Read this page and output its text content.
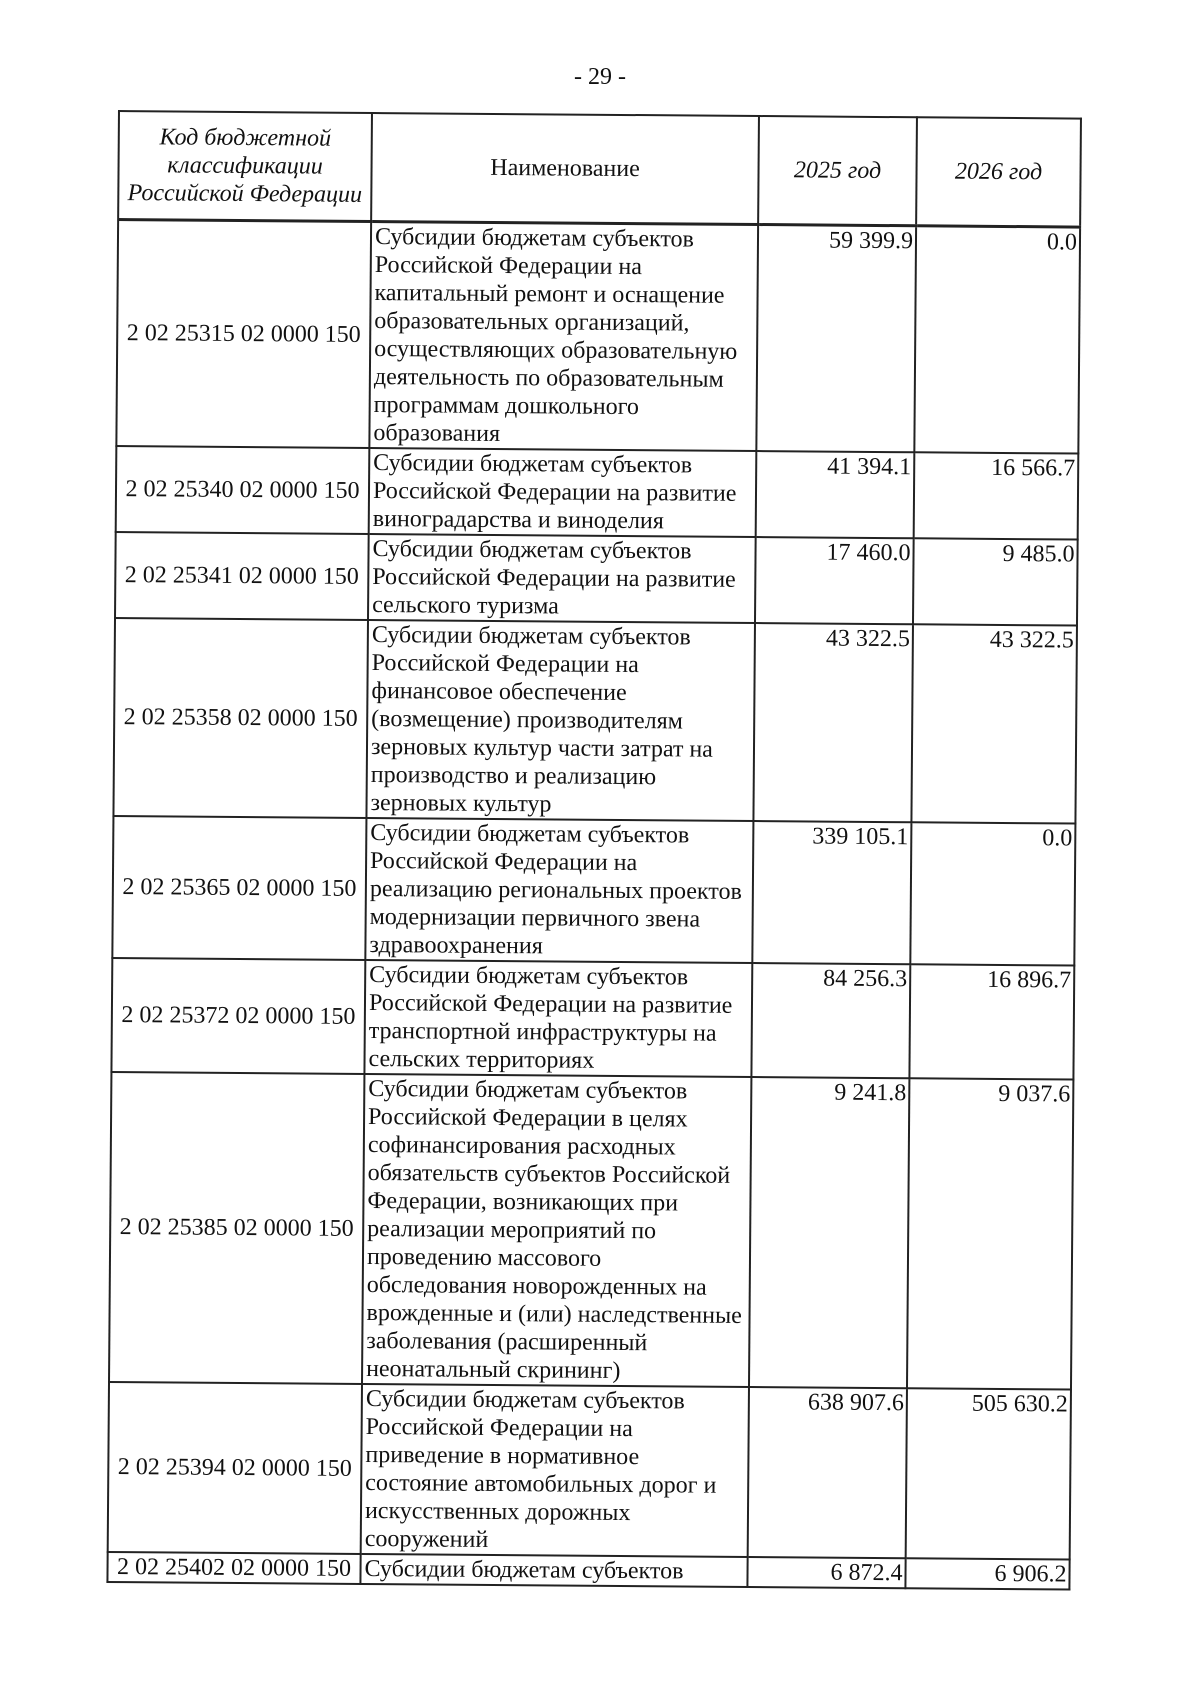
- 29 -
Код бюджетной классификации Российской Федерации	Наименование	2025 год	2026 год
2 02 25315 02 0000 150	Субсидии бюджетам субъектов Российской Федерации на капитальный ремонт и оснащение образовательных организаций, осуществляющих образовательную деятельность по образовательным программам дошкольного образования	59 399.9	0.0
2 02 25340 02 0000 150	Субсидии бюджетам субъектов Российской Федерации на развитие виноградарства и виноделия	41 394.1	16 566.7
2 02 25341 02 0000 150	Субсидии бюджетам субъектов Российской Федерации на развитие сельского туризма	17 460.0	9 485.0
2 02 25358 02 0000 150	Субсидии бюджетам субъектов Российской Федерации на финансовое обеспечение (возмещение) производителям зерновых культур части затрат на производство и реализацию зерновых культур	43 322.5	43 322.5
2 02 25365 02 0000 150	Субсидии бюджетам субъектов Российской Федерации на реализацию региональных проектов модернизации первичного звена здравоохранения	339 105.1	0.0
2 02 25372 02 0000 150	Субсидии бюджетам субъектов Российской Федерации на развитие транспортной инфраструктуры на сельских территориях	84 256.3	16 896.7
2 02 25385 02 0000 150	Субсидии бюджетам субъектов Российской Федерации в целях софинансирования расходных обязательств субъектов Российской Федерации, возникающих при реализации мероприятий по проведению массового обследования новорожденных на врожденные и (или) наследственные заболевания (расширенный неонатальный скрининг)	9 241.8	9 037.6
2 02 25394 02 0000 150	Субсидии бюджетам субъектов Российской Федерации на приведение в нормативное состояние автомобильных дорог и искусственных дорожных сооружений	638 907.6	505 630.2
2 02 25402 02 0000 150	Субсидии бюджетам субъектов	6 872.4	6 906.2
